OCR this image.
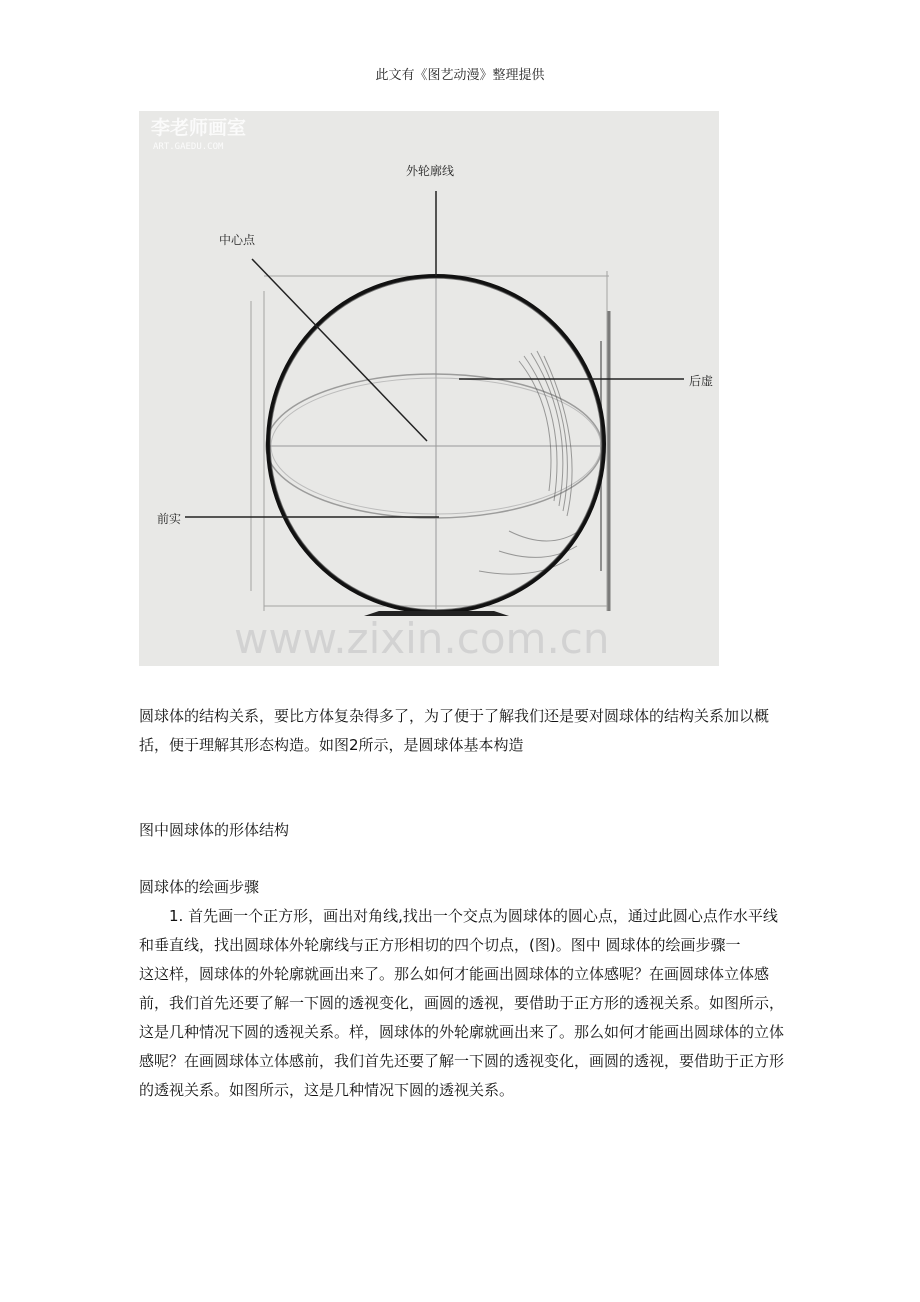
此文有《图艺动漫》整理提供
李老师画室
ART.GAEDU.COM
外轮廓线
中心点
后虚
前实
www.zixin.com.cn

圆球体的结构关系，要比方体复杂得多了，为了便于了解我们还是要对圆球体的结构关系加以概括，便于理解其形态构造。如图2所示，是圆球体基本构造

图中圆球体的形体结构

圆球体的绘画步骤

1. 首先画一个正方形，画出对角线,找出一个交点为圆球体的圆心点，通过此圆心点作水平线和垂直线，找出圆球体外轮廓线与正方形相切的四个切点，(图)。图中 圆球体的绘画步骤一

这这样，圆球体的外轮廓就画出来了。那么如何才能画出圆球体的立体感呢？在画圆球体立体感前，我们首先还要了解一下圆的透视变化，画圆的透视，要借助于正方形的透视关系。如图所示，这是几种情况下圆的透视关系。样，圆球体的外轮廓就画出来了。那么如何才能画出圆球体的立体感呢？在画圆球体立体感前，我们首先还要了解一下圆的透视变化，画圆的透视，要借助于正方形的透视关系。如图所示，这是几种情况下圆的透视关系。
